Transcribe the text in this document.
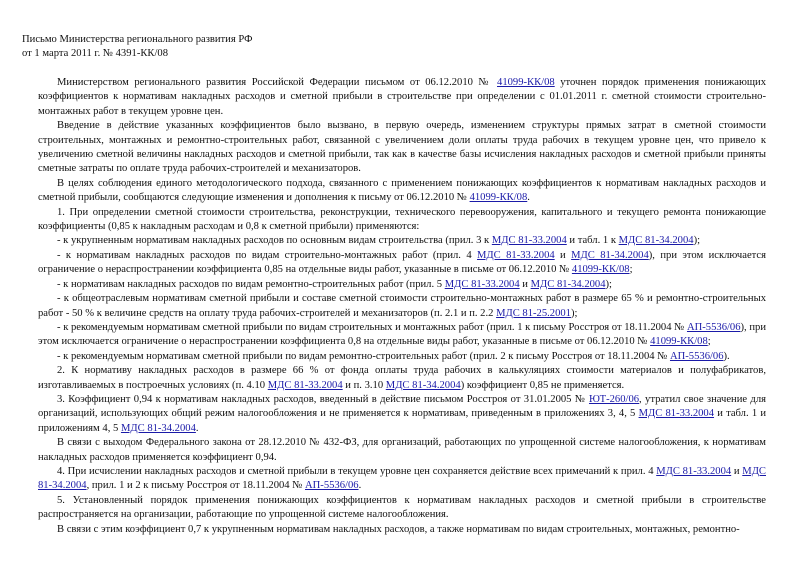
Письмо Министерства регионального развития РФ
от 1 марта 2011 г. № 4391-КК/08

Министерством регионального развития Российской Федерации письмом от 06.12.2010 № 41099-КК/08 уточнен порядок применения понижающих коэффициентов к нормативам накладных расходов и сметной прибыли в строительстве при определении с 01.01.2011 г. сметной стоимости строительно-монтажных работ в текущем уровне цен.

Введение в действие указанных коэффициентов было вызвано, в первую очередь, изменением структуры прямых затрат в сметной стоимости строительных, монтажных и ремонтно-строительных работ, связанной с увеличением доли оплаты труда рабочих в текущем уровне цен, что привело к увеличению сметной величины накладных расходов и сметной прибыли, так как в качестве базы исчисления накладных расходов и сметной прибыли приняты сметные затраты по оплате труда рабочих-строителей и механизаторов.

В целях соблюдения единого методологического подхода, связанного с применением понижающих коэффициентов к нормативам накладных расходов и сметной прибыли, сообщаются следующие изменения и дополнения к письму от 06.12.2010 № 41099-КК/08.

1. При определении сметной стоимости строительства, реконструкции, технического перевооружения, капитального и текущего ремонта понижающие коэффициенты (0,85 к накладным расходам и 0,8 к сметной прибыли) применяются:

- к укрупненным нормативам накладных расходов по основным видам строительства (прил. 3 к МДС 81-33.2004 и табл. 1 к МДС 81-34.2004);

- к нормативам накладных расходов по видам строительно-монтажных работ (прил. 4 МДС 81-33.2004 и МДС 81-34.2004), при этом исключается ограничение о нераспространении коэффициента 0,85 на отдельные виды работ, указанные в письме от 06.12.2010 № 41099-КК/08;

- к нормативам накладных расходов по видам ремонтно-строительных работ (прил. 5 МДС 81-33.2004 и МДС 81-34.2004);

- к общеотраслевым нормативам сметной прибыли и составе сметной стоимости строительно-монтажных работ в размере 65 % и ремонтно-строительных работ - 50 % к величине средств на оплату труда рабочих-строителей и механизаторов (п. 2.1 и п. 2.2 МДС 81-25.2001);

- к рекомендуемым нормативам сметной прибыли по видам строительных и монтажных работ (прил. 1 к письму Росстроя от 18.11.2004 № АП-5536/06), при этом исключается ограничение о нераспространении коэффициента 0,8 на отдельные виды работ, указанные в письме от 06.12.2010 № 41099-КК/08;

- к рекомендуемым нормативам сметной прибыли по видам ремонтно-строительных работ (прил. 2 к письму Росстроя от 18.11.2004 № АП-5536/06).

2. К нормативу накладных расходов в размере 66 % от фонда оплаты труда рабочих в калькуляциях стоимости материалов и полуфабрикатов, изготавливаемых в построечных условиях (п. 4.10 МДС 81-33.2004 и п. 3.10 МДС 81-34.2004) коэффициент 0,85 не применяется.

3. Коэффициент 0,94 к нормативам накладных расходов, введенный в действие письмом Росстроя от 31.01.2005 № ЮТ-260/06, утратил свое значение для организаций, использующих общий режим налогообложения и не применяется к нормативам, приведенным в приложениях 3, 4, 5 МДС 81-33.2004 и табл. 1 и приложениям 4, 5 МДС 81-34.2004.

В связи с выходом Федерального закона от 28.12.2010 № 432-ФЗ, для организаций, работающих по упрощенной системе налогообложения, к нормативам накладных расходов применяется коэффициент 0,94.

4. При исчислении накладных расходов и сметной прибыли в текущем уровне цен сохраняется действие всех примечаний к прил. 4 МДС 81-33.2004 и МДС 81-34.2004, прил. 1 и 2 к письму Росстроя от 18.11.2004 № АП-5536/06.

5. Установленный порядок применения понижающих коэффициентов к нормативам накладных расходов и сметной прибыли в строительстве распространяется на организации, работающие по упрощенной системе налогообложения.

В связи с этим коэффициент 0,7 к укрупненным нормативам накладных расходов, а также нормативам по видам строительных, монтажных, ремонтно-
